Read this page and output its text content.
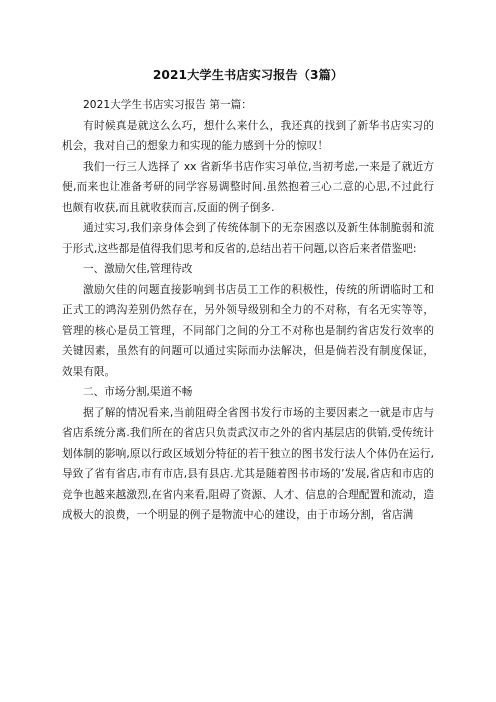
2021大学生书店实习报告（3篇）

2021大学生书店实习报告 第一篇：

有时候真是就这么么巧，想什么来什么，我还真的找到了新华书店实习的机会，我对自己的想象力和实现的能力感到十分的惊叹！

我们一行三人选择了 xx 省新华书店作实习单位,当初考虑,一来是了就近方便,而来也让准备考研的同学容易调整时间.虽然抱着三心二意的心思,不过此行也颇有收获,而且就收获而言,反面的例子倒多.

通过实习,我们亲身体会到了传统体制下的无奈困惑以及新生体制脆弱和流于形式,这些都是值得我们思考和反省的,总结出若干问题,以咨后来者借鉴吧:

一、激励欠佳,管理待改

激励欠佳的问题直接影响到书店员工工作的积极性，传统的所谓临时工和正式工的鸿沟差别仍然存在，另外领导级别和全力的不对称，有名无实等等，管理的核心是员工管理，不同部门之间的分工不对称也是制约省店发行效率的关键因素，虽然有的问题可以通过实际而办法解决，但是倘若没有制度保证，效果有限。

二、市场分割,渠道不畅

据了解的情况看来,当前阻碍全省图书发行市场的主要因素之一就是市店与省店系统分离.我们所在的省店只负责武汉市之外的省内基层店的供销,受传统计划体制的影响,原以行政区域划分特征的若干独立的图书发行法人个体仍在运行,导致了省有省店,市有市店,县有县店.尤其是随着图书市场的’发展,省店和市店的竞争也越来越激烈,在省内来看,阻碍了资源、人才、信息的合理配置和流动，造成极大的浪费，一个明显的例子是物流中心的建设，由于市场分割，省店满
